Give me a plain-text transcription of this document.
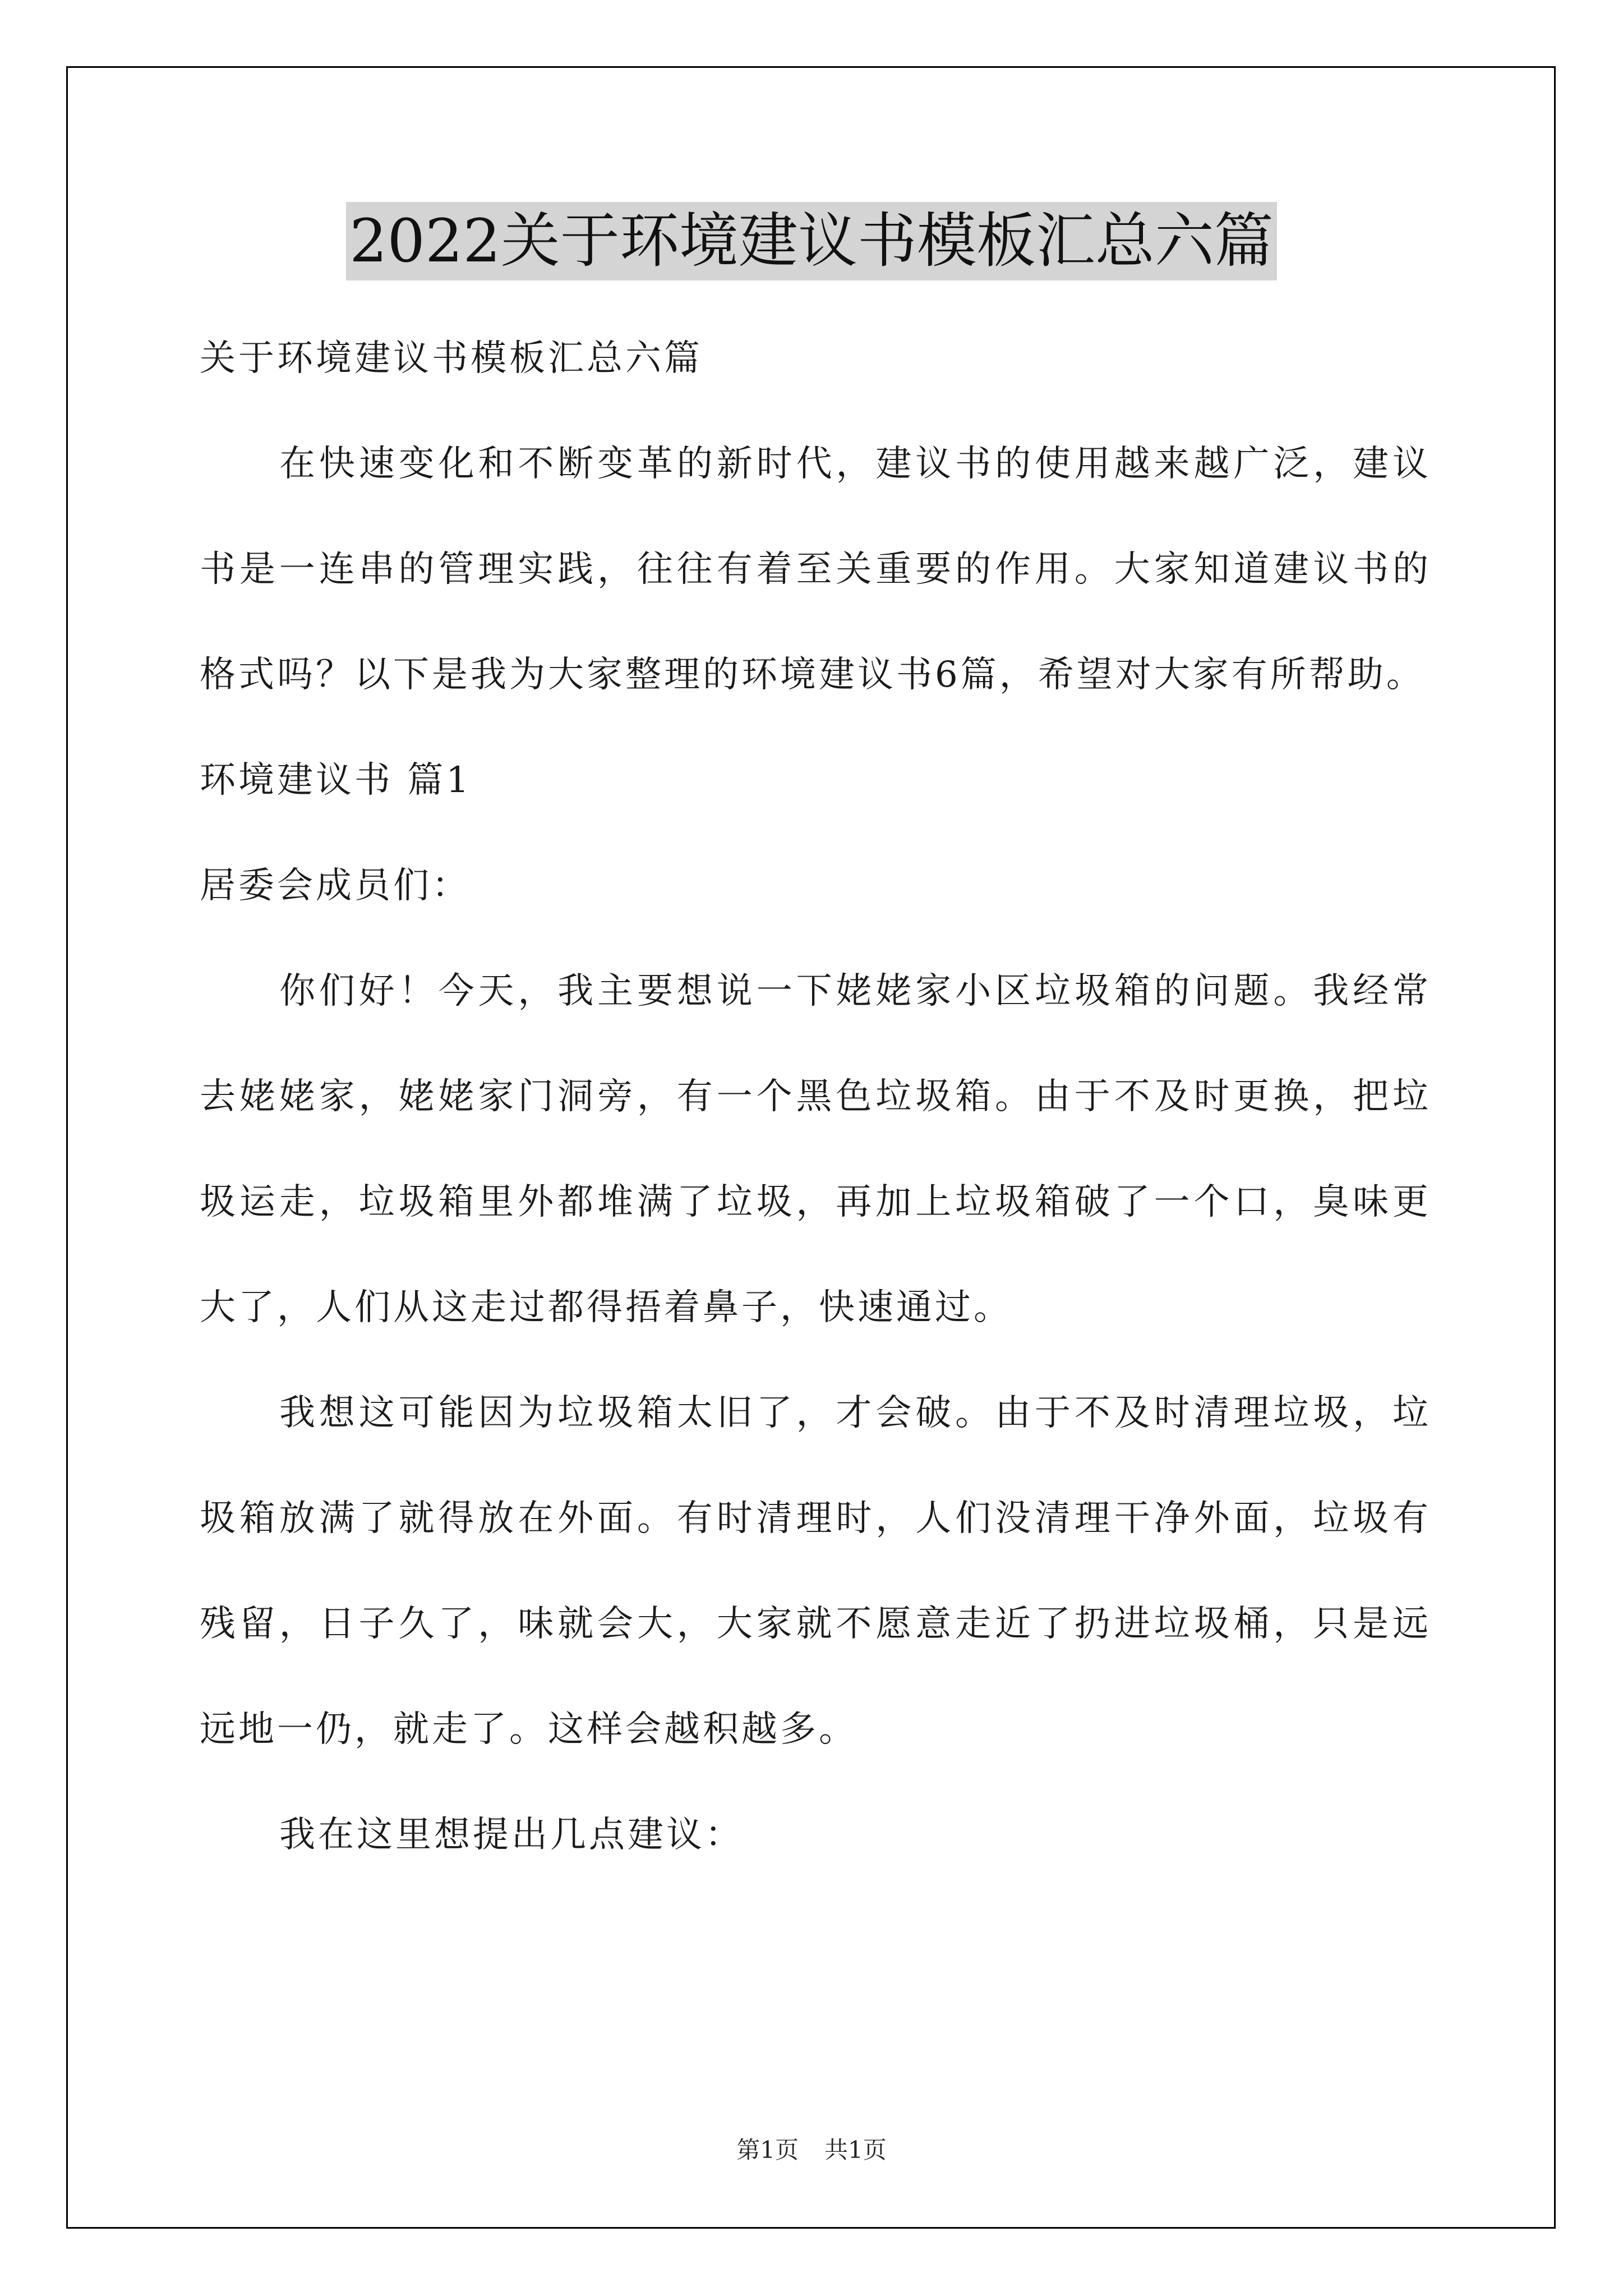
2022关于环境建议书模板汇总六篇

关于环境建议书模板汇总六篇

在快速变化和不断变革的新时代，建议书的使用越来越广泛，建议书是一连串的管理实践，往往有着至关重要的作用。大家知道建议书的格式吗？以下是我为大家整理的环境建议书6篇，希望对大家有所帮助。

环境建议书 篇1

居委会成员们：

你们好！今天，我主要想说一下姥姥家小区垃圾箱的问题。我经常去姥姥家，姥姥家门洞旁，有一个黑色垃圾箱。由于不及时更换，把垃圾运走，垃圾箱里外都堆满了垃圾，再加上垃圾箱破了一个口，臭味更大了，人们从这走过都得捂着鼻子，快速通过。

我想这可能因为垃圾箱太旧了，才会破。由于不及时清理垃圾，垃圾箱放满了就得放在外面。有时清理时，人们没清理干净外面，垃圾有残留，日子久了，味就会大，大家就不愿意走近了扔进垃圾桶，只是远远地一仍，就走了。这样会越积越多。

我在这里想提出几点建议：

第1页 共1页
